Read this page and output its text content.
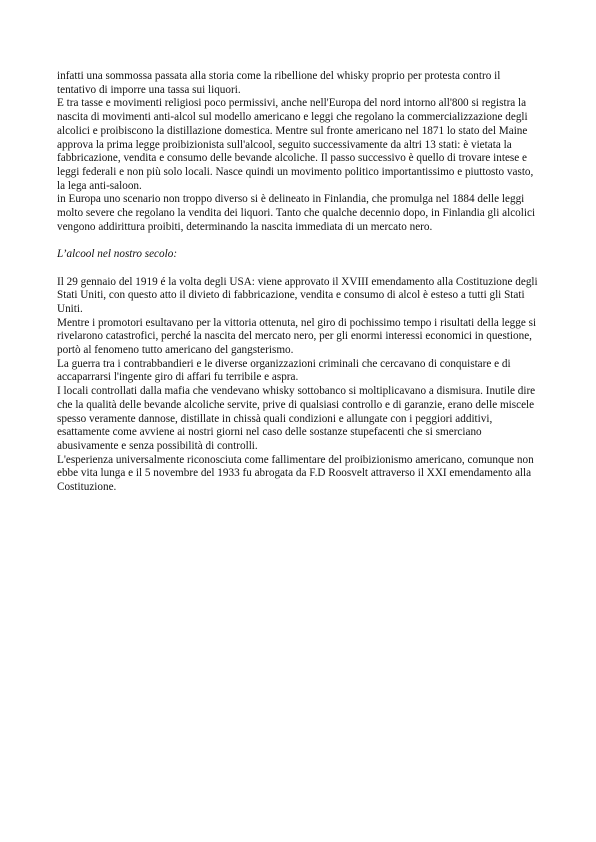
infatti una sommossa passata alla storia come la ribellione del whisky proprio per protesta contro il tentativo di imporre una tassa sui liquori.

E tra tasse e movimenti religiosi poco permissivi, anche nell'Europa del nord intorno all'800 si registra la nascita di movimenti anti-alcol sul modello americano e leggi che regolano la commercializzazione degli alcolici e proibiscono la distillazione domestica. Mentre sul fronte americano nel 1871 lo stato del Maine approva la prima legge proibizionista sull'alcool, seguito successivamente da altri 13 stati: è vietata la fabbricazione, vendita e consumo delle bevande alcoliche. Il passo successivo è quello di trovare intese e leggi federali e non più solo locali. Nasce quindi un movimento politico importantissimo e piuttosto vasto, la lega anti-saloon.

in Europa uno scenario non troppo diverso si è delineato in Finlandia, che promulga nel 1884 delle leggi molto severe che regolano la vendita dei liquori. Tanto che qualche decennio dopo, in Finlandia gli alcolici vengono addirittura proibiti, determinando la nascita immediata di un mercato nero.

L’alcool nel nostro secolo:

Il 29 gennaio del 1919 é la volta degli USA: viene approvato il XVIII emendamento alla Costituzione degli Stati Uniti, con questo atto il divieto di fabbricazione, vendita e consumo di alcol è esteso a tutti gli Stati Uniti.

Mentre i promotori esultavano per la vittoria ottenuta, nel giro di pochissimo tempo i risultati della legge si rivelarono catastrofici, perché la nascita del mercato nero, per gli enormi interessi economici in questione, portò al fenomeno tutto americano del gangsterismo.

La guerra tra i contrabbandieri e le diverse organizzazioni criminali che cercavano di conquistare e di accaparrarsi l'ingente giro di affari fu terribile e aspra.

I locali controllati dalla mafia che vendevano whisky sottobanco si moltiplicavano a dismisura. Inutile dire che la qualità delle bevande alcoliche servite, prive di qualsiasi controllo e di garanzie, erano delle miscele spesso veramente dannose, distillate in chissà quali condizioni e allungate con i peggiori additivi, esattamente come avviene ai nostri giorni nel caso delle sostanze stupefacenti che si smerciano abusivamente e senza possibilità di controlli.

L'esperienza universalmente riconosciuta come fallimentare del proibizionismo americano, comunque non ebbe vita lunga e il 5 novembre del 1933 fu abrogata da F.D Roosvelt attraverso il XXI emendamento alla Costituzione.
